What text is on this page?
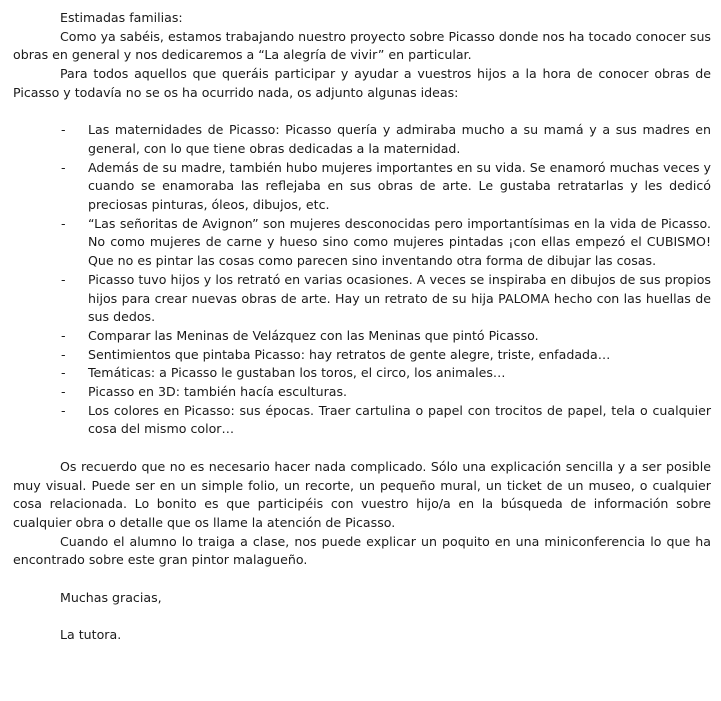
Estimadas familias:

Como ya sabéis, estamos trabajando nuestro proyecto sobre Picasso donde nos ha tocado conocer sus obras en general y nos dedicaremos a “La alegría de vivir” en particular.

Para todos aquellos que queráis participar y ayudar a vuestros hijos a la hora de conocer obras de Picasso y todavía no se os ha ocurrido nada, os adjunto algunas ideas:

- Las maternidades de Picasso: Picasso quería y admiraba mucho a su mamá y a sus madres en general, con lo que tiene obras dedicadas a la maternidad.
- Además de su madre, también hubo mujeres importantes en su vida. Se enamoró muchas veces y cuando se enamoraba las reflejaba en sus obras de arte. Le gustaba retratarlas y les dedicó preciosas pinturas, óleos, dibujos, etc.
- “Las señoritas de Avignon” son mujeres desconocidas pero importantísimas en la vida de Picasso. No como mujeres de carne y hueso sino como mujeres pintadas ¡con ellas empezó el CUBISMO! Que no es pintar las cosas como parecen sino inventando otra forma de dibujar las cosas.
- Picasso tuvo hijos y los retrató en varias ocasiones. A veces se inspiraba en dibujos de sus propios hijos para crear nuevas obras de arte. Hay un retrato de su hija PALOMA hecho con las huellas de sus dedos.
- Comparar las Meninas de Velázquez con las Meninas que pintó Picasso.
- Sentimientos que pintaba Picasso: hay retratos de gente alegre, triste, enfadada…
- Temáticas: a Picasso le gustaban los toros, el circo, los animales…
- Picasso en 3D: también hacía esculturas.
- Los colores en Picasso: sus épocas. Traer cartulina o papel con trocitos de papel, tela o cualquier cosa del mismo color…

Os recuerdo que no es necesario hacer nada complicado. Sólo una explicación sencilla y a ser posible muy visual. Puede ser en un simple folio, un recorte, un pequeño mural, un ticket de un museo, o cualquier cosa relacionada. Lo bonito es que participéis con vuestro hijo/a en la búsqueda de información sobre cualquier obra o detalle que os llame la atención de Picasso.

Cuando el alumno lo traiga a clase, nos puede explicar un poquito en una miniconferencia lo que ha encontrado sobre este gran pintor malagueño.

Muchas gracias,

La tutora.
